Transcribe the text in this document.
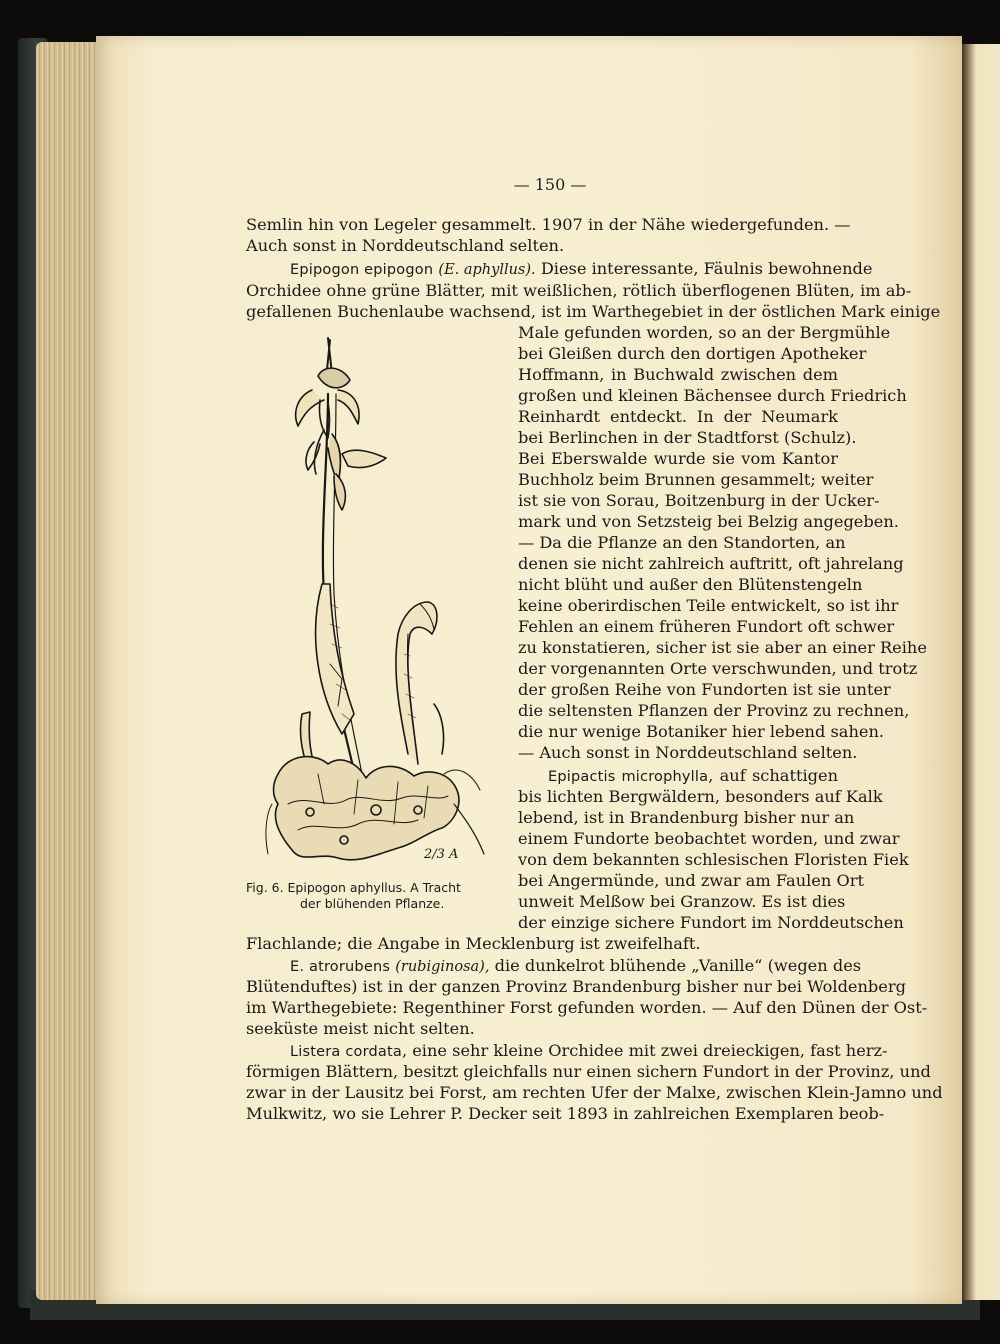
— 150 —
Semlin hin von Legeler gesammelt. 1907 in der Nähe wiedergefunden. —
Auch sonst in Norddeutschland selten.
Epipogon epipogon (E. aphyllus). Diese interessante, Fäulnis bewohnende
Orchidee ohne grüne Blätter, mit weißlichen, rötlich überflogenen Blüten, im ab-
gefallenen Buchenlaube wachsend, ist im Warthegebiet in der östlichen Mark einige
Male gefunden worden, so an der Bergmühle
bei Gleißen durch den dortigen Apotheker
Hoffmann, in Buchwald zwischen dem
großen und kleinen Bächensee durch Friedrich
Reinhardt entdeckt. In der Neumark
bei Berlinchen in der Stadtforst (Schulz).
Bei Eberswalde wurde sie vom Kantor
Buchholz beim Brunnen gesammelt; weiter
ist sie von Sorau, Boitzenburg in der Ucker-
mark und von Setzsteig bei Belzig angegeben.
— Da die Pflanze an den Standorten, an
denen sie nicht zahlreich auftritt, oft jahrelang
nicht blüht und außer den Blütenstengeln
keine oberirdischen Teile entwickelt, so ist ihr
Fehlen an einem früheren Fundort oft schwer
zu konstatieren, sicher ist sie aber an einer Reihe
der vorgenannten Orte verschwunden, und trotz
der großen Reihe von Fundorten ist sie unter
die seltensten Pflanzen der Provinz zu rechnen,
die nur wenige Botaniker hier lebend sahen.
— Auch sonst in Norddeutschland selten.
Epipactis microphylla, auf schattigen
bis lichten Bergwäldern, besonders auf Kalk
lebend, ist in Brandenburg bisher nur an
einem Fundorte beobachtet worden, und zwar
von dem bekannten schlesischen Floristen Fiek
bei Angermünde, und zwar am Faulen Ort
unweit Melßow bei Granzow. Es ist dies
der einzige sichere Fundort im Norddeutschen
Flachlande; die Angabe in Mecklenburg ist zweifelhaft.
E. atrorubens (rubiginosa), die dunkelrot blühende „Vanille“ (wegen des
Blütenduftes) ist in der ganzen Provinz Brandenburg bisher nur bei Woldenberg
im Warthegebiete: Regenthiner Forst gefunden worden. — Auf den Dünen der Ost-
seeküste meist nicht selten.
Listera cordata, eine sehr kleine Orchidee mit zwei dreieckigen, fast herz-
förmigen Blättern, besitzt gleichfalls nur einen sichern Fundort in der Provinz, und
zwar in der Lausitz bei Forst, am rechten Ufer der Malxe, zwischen Klein-Jamno und
Mulkwitz, wo sie Lehrer P. Decker seit 1893 in zahlreichen Exemplaren beob-
2/3 A
Fig. 6. Epipogon aphyllus. A Tracht
der blühenden Pflanze.
